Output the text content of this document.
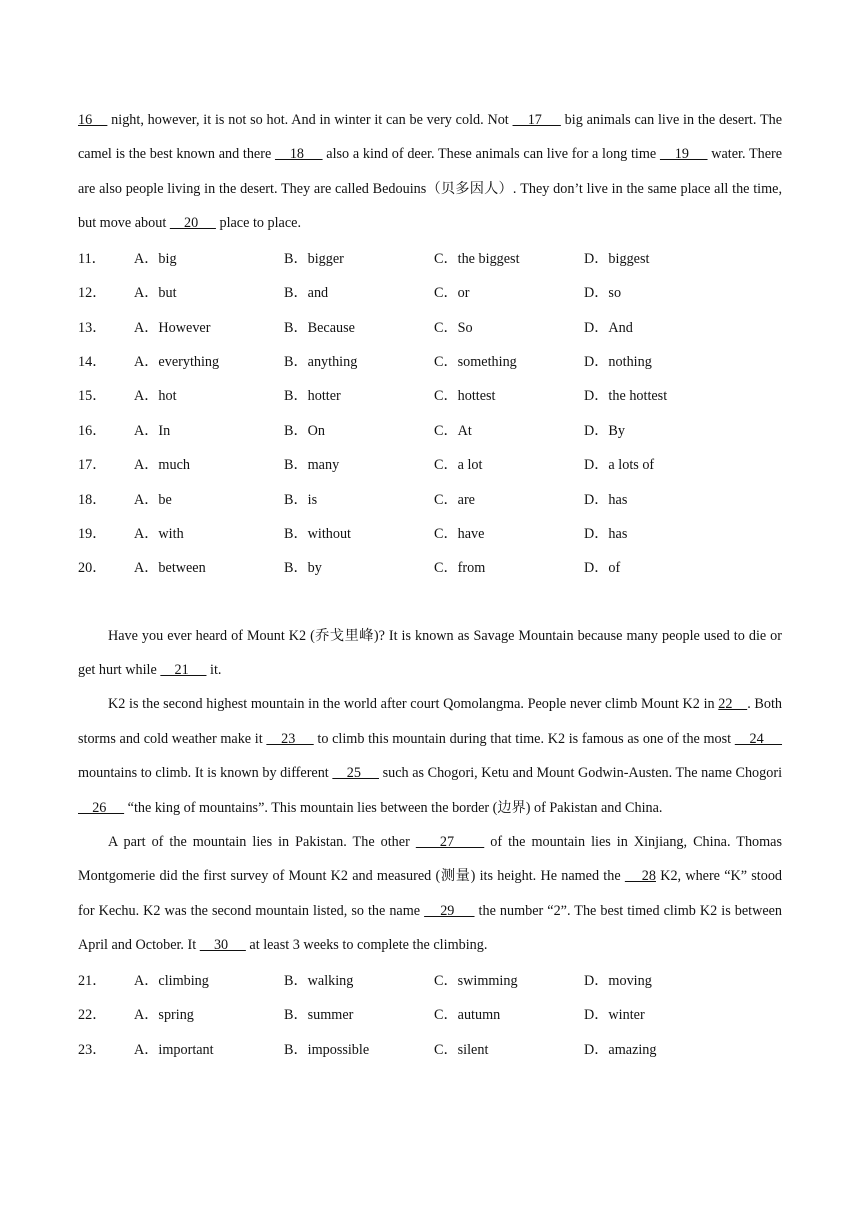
16     night, however, it is not so hot. And in winter it can be very cold. Not     17      big animals can live in the desert. The camel is the best known and there     18      also a kind of deer. These animals can live for a long time     19      water. There are also people living in the desert. They are called Bedouins（贝多因人）. They don’t live in the same place all the time, but move about     20      place to place.

11．	A．big	B．bigger	C．the biggest	D．biggest
12．	A．but	B．and	C．or	D．so
13．	A．However	B．Because	C．So	D．And
14．	A．everything	B．anything	C．something	D．nothing
15．	A．hot	B．hotter	C．hottest	D．the hottest
16．	A．In	B．On	C．At	D．By
17．	A．much	B．many	C．a lot	D．a lots of
18．	A．be	B．is	C．are	D．has
19．	A．with	B．without	C．have	D．has
20．	A．between	B．by	C．from	D．of

Have you ever heard of Mount K2 (乔戈里峰)? It is known as Savage Mountain because many people used to die or get hurt while     21      it.

K2 is the second highest mountain in the world after court Qomolangma. People never climb Mount K2 in 22    . Both storms and cold weather make it     23      to climb this mountain during that time. K2 is famous as one of the most     24      mountains to climb. It is known by different     25      such as Chogori, Ketu and Mount Godwin-Austen. The name Chogori     26      “the king of mountains”. This mountain lies between the border (边界) of Pakistan and China.

A part of the mountain lies in Pakistan. The other     27      of the mountain lies in Xinjiang, China. Thomas Montgomerie did the first survey of Mount K2 and measured (测量) its height. He named the     28 K2, where “K” stood for Kechu. K2 was the second mountain listed, so the name     29      the number “2”. The best timed climb K2 is between April and October. It     30      at least 3 weeks to complete the climbing.

21．	A．climbing	B．walking	C．swimming	D．moving
22．	A．spring	B．summer	C．autumn	D．winter
23．	A．important	B．impossible	C．silent	D．amazing
